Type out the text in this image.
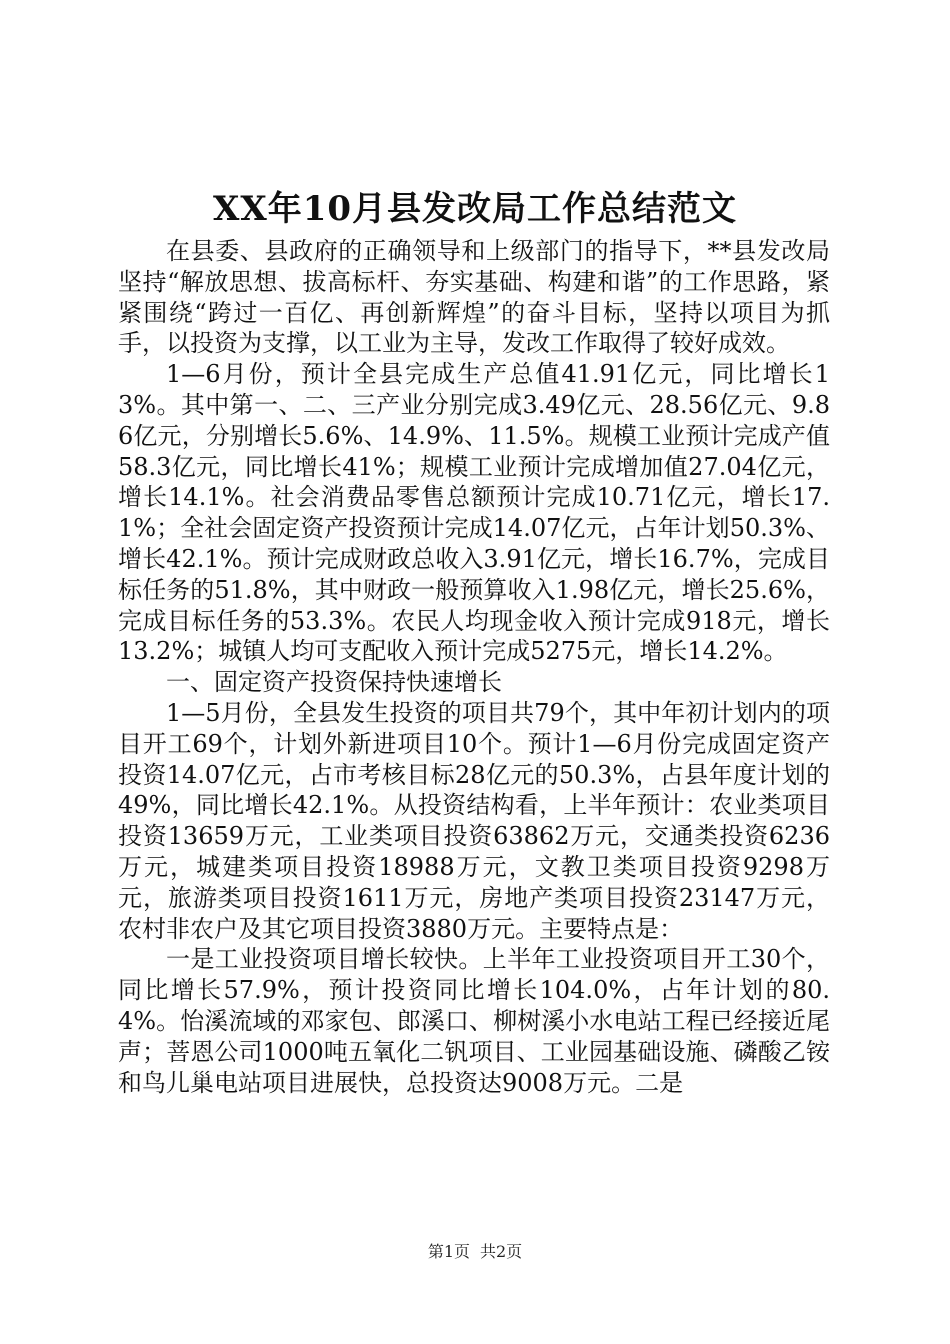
XX年10月县发改局工作总结范文

在县委、县政府的正确领导和上级部门的指导下，**县发改局坚持“解放思想、拔高标杆、夯实基础、构建和谐”的工作思路，紧紧围绕“跨过一百亿、再创新辉煌”的奋斗目标，坚持以项目为抓手，以投资为支撑，以工业为主导，发改工作取得了较好成效。

1—6月份，预计全县完成生产总值41.91亿元，同比增长13%。其中第一、二、三产业分别完成3.49亿元、28.56亿元、9.86亿元，分别增长5.6%、14.9%、11.5%。规模工业预计完成产值58.3亿元，同比增长41%；规模工业预计完成增加值27.04亿元，增长14.1%。社会消费品零售总额预计完成10.71亿元，增长17.1%；全社会固定资产投资预计完成14.07亿元，占年计划50.3%、增长42.1%。预计完成财政总收入3.91亿元，增长16.7%，完成目标任务的51.8%，其中财政一般预算收入1.98亿元，增长25.6%，完成目标任务的53.3%。农民人均现金收入预计完成918元，增长13.2%；城镇人均可支配收入预计完成5275元，增长14.2%。

一、固定资产投资保持快速增长

1—5月份，全县发生投资的项目共79个，其中年初计划内的项目开工69个，计划外新进项目10个。预计1—6月份完成固定资产投资14.07亿元，占市考核目标28亿元的50.3%，占县年度计划的49%，同比增长42.1%。从投资结构看，上半年预计：农业类项目投资13659万元，工业类项目投资63862万元，交通类投资6236万元，城建类项目投资18988万元，文教卫类项目投资9298万元，旅游类项目投资1611万元，房地产类项目投资23147万元，农村非农户及其它项目投资3880万元。主要特点是：

一是工业投资项目增长较快。上半年工业投资项目开工30个，同比增长57.9%，预计投资同比增长104.0%，占年计划的80.4%。怡溪流域的邓家包、郎溪口、柳树溪小水电站工程已经接近尾声；菩恩公司1000吨五氧化二钒项目、工业园基础设施、磷酸乙铵和鸟儿巢电站项目进展快，总投资达9008万元。二是

第1页 共2页
